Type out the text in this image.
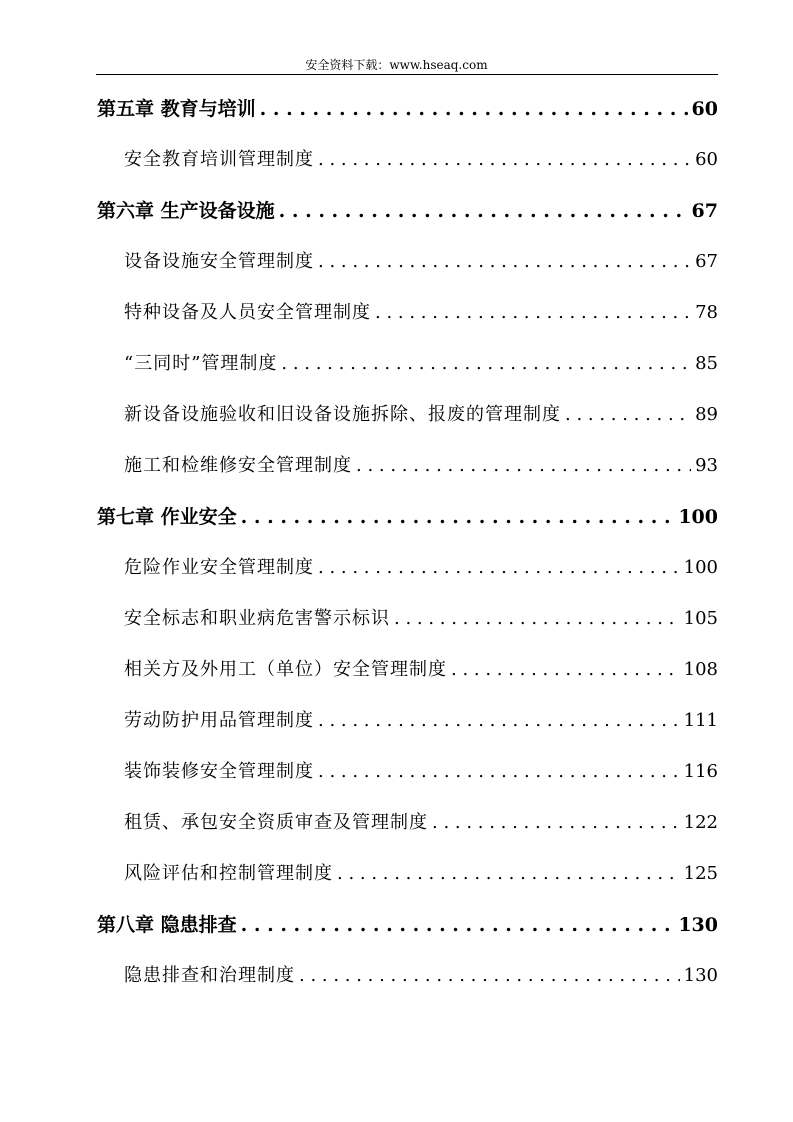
安全资料下载：www.hseaq.com
第五章 教育与培训 . . .	60
安全教育培训管理制度 . . .	60
第六章 生产设备设施 . . .	67
设备设施安全管理制度 . . .	67
特种设备及人员安全管理制度 . . .	78
“三同时”管理制度 . . .	85
新设备设施验收和旧设备设施拆除、报废的管理制度 . . .	89
施工和检维修安全管理制度 . . .	93
第七章 作业安全 . . .	100
危险作业安全管理制度 . . .	100
安全标志和职业病危害警示标识 . . .	105
相关方及外用工（单位）安全管理制度 . . .	108
劳动防护用品管理制度 . . .	111
装饰装修安全管理制度 . . .	116
租赁、承包安全资质审查及管理制度 . . .	122
风险评估和控制管理制度 . . .	125
第八章 隐患排查 . . .	130
隐患排查和治理制度 . . .	130
